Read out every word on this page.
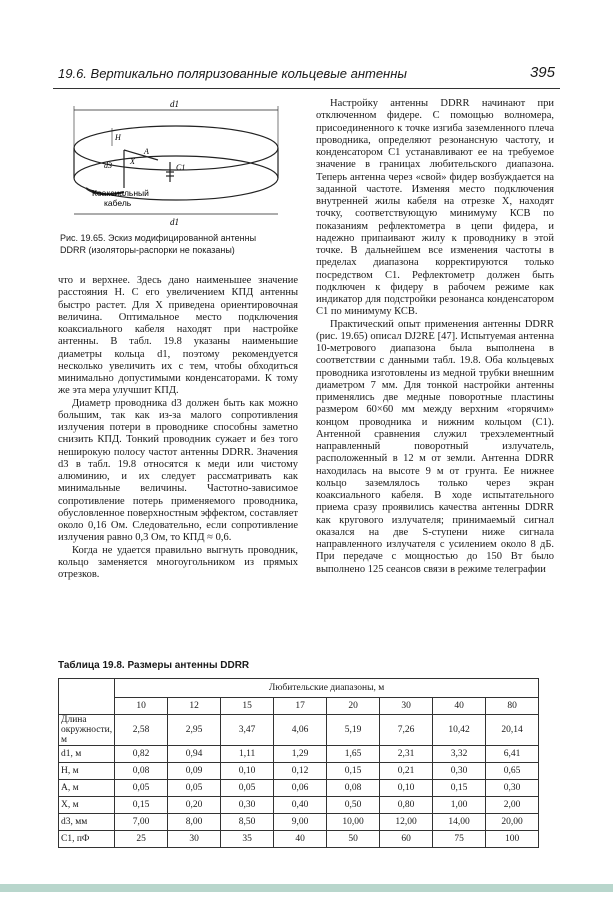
19.6. Вертикально поляризованные кольцевые антенны	395
d1
d1
H
A
X
d3	C1
Коаксиальный
кабель
Рис. 19.65. Эскиз модифицированной антенны
DDRR (изоляторы-распорки не показаны)

что и верхнее. Здесь дано наименьшее значение расстояния Н. С его увеличением КПД антенны быстро растет. Для X приведена ориентировочная величина. Оптимальное место подключения коаксиального кабеля находят при настройке антенны. В табл. 19.8 указаны наименьшие диаметры кольца d1, поэтому рекомендуется несколько увеличить их с тем, чтобы обходиться минимально допустимыми конденсаторами. К тому же эта мера улучшит КПД.

Диаметр проводника d3 должен быть как можно большим, так как из-за малого сопротивления излучения потери в проводнике способны заметно снизить КПД. Тонкий проводник сужает и без того неширокую полосу частот антенны DDRR. Значения d3 в табл. 19.8 относятся к меди или чистому алюминию, и их следует рассматривать как минимальные величины. Частотно-зависимое сопротивление потерь применяемого проводника, обусловленное поверхностным эффектом, составляет около 0,16 Ом. Следовательно, если сопротивление излучения равно 0,3 Ом, то КПД ≈ 0,6.

Когда не удается правильно выгнуть проводник, кольцо заменяется многоугольником из прямых отрезков.

Настройку антенны DDRR начинают при отключенном фидере. С помощью волномера, присоединенного к точке изгиба заземленного плеча проводника, определяют резонансную частоту, и конденсатором C1 устанавливают ее на требуемое значение в границах любительского диапазона. Теперь антенна через «свой» фидер возбуждается на заданной частоте. Изменяя место подключения внутренней жилы кабеля на отрезке X, находят точку, соответствующую минимуму КСВ по показаниям рефлектометра в цепи фидера, и надежно припаивают жилу к проводнику в этой точке. В дальнейшем все изменения частоты в пределах диапазона корректируются только посредством C1. Рефлектометр должен быть подключен к фидеру в рабочем режиме как индикатор для подстройки резонанса конденсатором C1 по минимуму КСВ.

Практический опыт применения антенны DDRR (рис. 19.65) описал DJ2RE [47]. Испытуемая антенна 10-метрового диапазона была выполнена в соответствии с данными табл. 19.8. Оба кольцевых проводника изготовлены из медной трубки внешним диаметром 7 мм. Для тонкой настройки антенны применялись две медные поворотные пластины размером 60×60 мм между верхним «горячим» концом проводника и нижним кольцом (C1). Антенной сравнения служил трехэлементный направленный поворотный излучатель, расположенный в 12 м от земли. Антенна DDRR находилась на высоте 9 м от грунта. Ее нижнее кольцо заземлялось только через экран коаксиального кабеля. В ходе испытательного приема сразу проявились качества антенны DDRR как кругового излучателя; принимаемый сигнал оказался на две S-ступени ниже сигнала направленного излучателя с усилением около 8 дБ. При передаче с мощностью до 150 Вт было выполнено 125 сеансов связи в режиме телеграфии

Таблица 19.8. Размеры антенны DDRR
	Любительские диапазоны, м							
	10	12	15	17	20	30	40	80
Длина окружности, м	2,58	2,95	3,47	4,06	5,19	7,26	10,42	20,14
d1, м	0,82	0,94	1,11	1,29	1,65	2,31	3,32	6,41
Н, м	0,08	0,09	0,10	0,12	0,15	0,21	0,30	0,65
А, м	0,05	0,05	0,05	0,06	0,08	0,10	0,15	0,30
X, м	0,15	0,20	0,30	0,40	0,50	0,80	1,00	2,00
d3, мм	7,00	8,00	8,50	9,00	10,00	12,00	14,00	20,00
C1, пФ	25	30	35	40	50	60	75	100
